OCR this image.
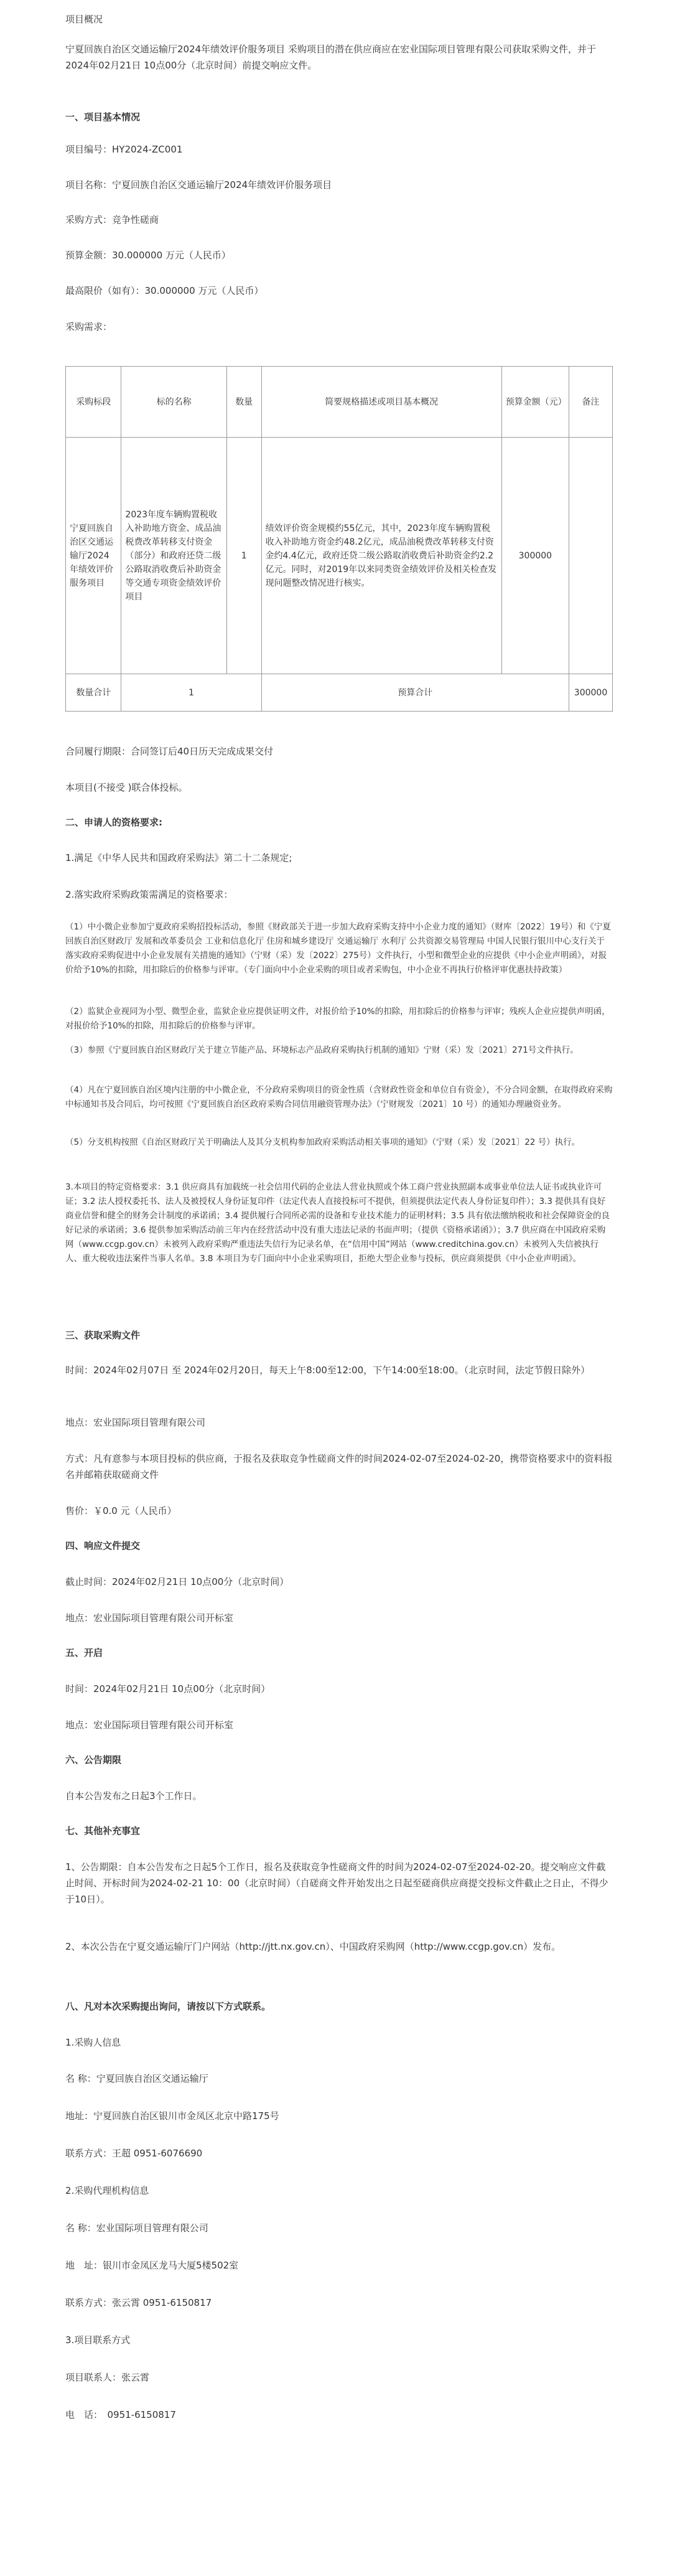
项目概况

宁夏回族自治区交通运输厅2024年绩效评价服务项目 采购项目的潜在供应商应在宏业国际项目管理有限公司获取采购文件，并于2024年02月21日 10点00分（北京时间）前提交响应文件。

一、项目基本情况

项目编号：HY2024-ZC001

项目名称：宁夏回族自治区交通运输厅2024年绩效评价服务项目

采购方式：竞争性磋商

预算金额：30.000000 万元（人民币）

最高限价（如有）：30.000000 万元（人民币）

采购需求：

采购标段	标的名称	数量	简要规格描述或项目基本概况	预算金额（元）	备注
宁夏回族自治区交通运输厅2024年绩效评价服务项目	2023年度车辆购置税收入补助地方资金、成品油税费改革转移支付资金（部分）和政府还贷二级公路取消收费后补助资金等交通专项资金绩效评价项目	1	绩效评价资金规模约55亿元，其中，2023年度车辆购置税收入补助地方资金约48.2亿元，成品油税费改革转移支付资金约4.4亿元，政府还贷二级公路取消收费后补助资金约2.2亿元。同时，对2019年以来同类资金绩效评价及相关检查发现问题整改情况进行核实。	300000	
数量合计	1		预算合计		300000

合同履行期限：合同签订后40日历天完成成果交付

本项目(不接受 )联合体投标。

二、申请人的资格要求:

1.满足《中华人民共和国政府采购法》第二十二条规定;

2.落实政府采购政策需满足的资格要求：

（1）中小微企业参加宁夏政府采购招投标活动，参照《财政部关于进一步加大政府采购支持中小企业力度的通知》（财库〔2022〕19号）和《宁夏回族自治区财政厅 发展和改革委员会 工业和信息化厅 住房和城乡建设厅 交通运输厅 水利厅 公共资源交易管理局 中国人民银行银川中心支行关于落实政府采购促进中小企业发展有关措施的通知》（宁财（采）发〔2022〕275号）文件执行，小型和微型企业的应提供《中小企业声明函》，对报价给予10%的扣除，用扣除后的价格参与评审。（专门面向中小企业采购的项目或者采购包，中小企业不再执行价格评审优惠扶持政策）

（2）监狱企业视同为小型、微型企业，监狱企业应提供证明文件，对报价给予10%的扣除，用扣除后的价格参与评审；残疾人企业应提供声明函，对报价给予10%的扣除，用扣除后的价格参与评审。

（3）参照《宁夏回族自治区财政厅关于建立节能产品、环境标志产品政府采购执行机制的通知》宁财（采）发〔2021〕271号文件执行。

（4）凡在宁夏回族自治区境内注册的中小微企业，不分政府采购项目的资金性质（含财政性资金和单位自有资金），不分合同金额，在取得政府采购中标通知书及合同后，均可按照《宁夏回族自治区政府采购合同信用融资管理办法》（宁财规发〔2021〕10 号）的通知办理融资业务。

（5）分支机构按照《自治区财政厅关于明确法人及其分支机构参加政府采购活动相关事项的通知》（宁财（采）发〔2021〕22 号）执行。

3.本项目的特定资格要求：3.1 供应商具有加载统一社会信用代码的企业法人营业执照或个体工商户营业执照副本或事业单位法人证书或执业许可证；3.2 法人授权委托书、法人及被授权人身份证复印件（法定代表人直接投标可不提供，但须提供法定代表人身份证复印件）；3.3 提供具有良好商业信誉和健全的财务会计制度的承诺函；3.4 提供履行合同所必需的设备和专业技术能力的证明材料；3.5 具有依法缴纳税收和社会保障资金的良好记录的承诺函；3.6 提供参加采购活动前三年内在经营活动中没有重大违法记录的书面声明；（提供《资格承诺函》）；3.7 供应商在中国政府采购网（www.ccgp.gov.cn）未被列入政府采购严重违法失信行为记录名单，在“信用中国”网站（www.creditchina.gov.cn）未被列入失信被执行人、重大税收违法案件当事人名单。3.8 本项目为专门面向中小企业采购项目，拒绝大型企业参与投标，供应商须提供《中小企业声明函》。

三、获取采购文件

时间：2024年02月07日 至 2024年02月20日，每天上午8:00至12:00，下午14:00至18:00。（北京时间，法定节假日除外）

地点：宏业国际项目管理有限公司

方式：凡有意参与本项目投标的供应商，于报名及获取竞争性磋商文件的时间2024-02-07至2024-02-20，携带资格要求中的资料报名并邮箱获取磋商文件

售价：￥0.0 元（人民币）

四、响应文件提交

截止时间：2024年02月21日 10点00分（北京时间）

地点：宏业国际项目管理有限公司开标室

五、开启

时间：2024年02月21日 10点00分（北京时间）

地点：宏业国际项目管理有限公司开标室

六、公告期限

自本公告发布之日起3个工作日。

七、其他补充事宜

1、公告期限：自本公告发布之日起5个工作日，报名及获取竞争性磋商文件的时间为2024-02-07至2024-02-20。提交响应文件截止时间、开标时间为2024-02-21 10：00（北京时间）（自磋商文件开始发出之日起至磋商供应商提交投标文件截止之日止，不得少于10日）。

2、本次公告在宁夏交通运输厅门户网站（http://jtt.nx.gov.cn）、中国政府采购网（http://www.ccgp.gov.cn）发布。

八、凡对本次采购提出询问，请按以下方式联系。

1.采购人信息

名 称：宁夏回族自治区交通运输厅

地址：宁夏回族自治区银川市金凤区北京中路175号

联系方式：王超 0951-6076690

2.采购代理机构信息

名 称：宏业国际项目管理有限公司

地　址：银川市金凤区龙马大厦5楼502室

联系方式：张云霄 0951-6150817

3.项目联系方式

项目联系人：张云霄

电　话：　0951-6150817
